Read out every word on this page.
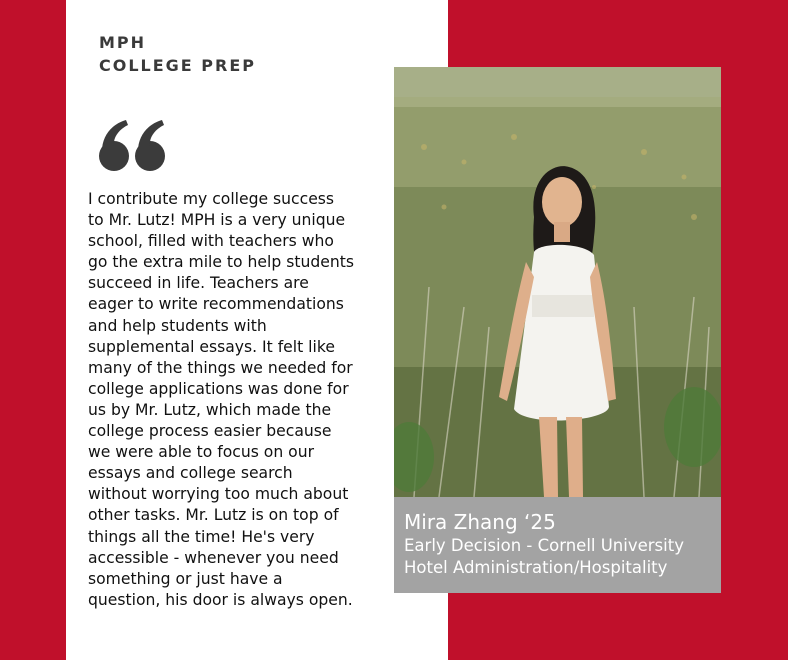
MPH
COLLEGE PREP
I contribute my college success
to Mr. Lutz! MPH is a very unique
school, filled with teachers who
go the extra mile to help students
succeed in life. Teachers are
eager to write recommendations
and help students with
supplemental essays. It felt like
many of the things we needed for
college applications was done for
us by Mr. Lutz, which made the
college process easier because
we were able to focus on our
essays and college search
without worrying too much about
other tasks. Mr. Lutz is on top of
things all the time! He's very
accessible - whenever you need
something or just have a
question, his door is always open.
Mira Zhang ‘25
Early Decision - Cornell University
Hotel Administration/Hospitality
